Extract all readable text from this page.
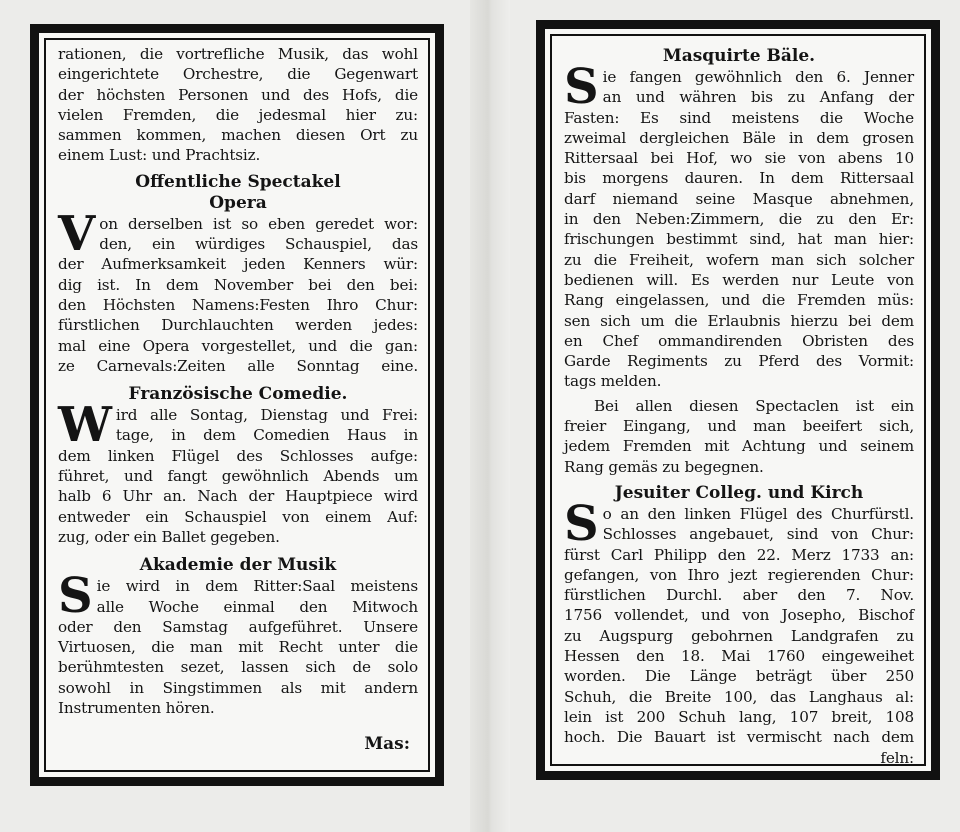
rationen, die vortrefliche Musik, das wohl
eingerichtete Orchestre, die Gegenwart
der höchsten Personen und des Hofs, die
vielen Fremden, die jedesmal hier zu:
sammen kommen, machen diesen Ort zu
einem Lust: und Prachtsiz.
Offentliche Spectakel
Opera
V on derselben ist so eben geredet wor:
den, ein würdiges Schauspiel, das
der Aufmerksamkeit jeden Kenners wür:
dig ist. In dem November bei den bei:
den Höchsten Namens:Festen Ihro Chur:
fürstlichen Durchlauchten werden jedes:
mal eine Opera vorgestellet, und die gan:
ze Carnevals:Zeiten alle Sonntag eine.
Französische Comedie.
W ird alle Sontag, Dienstag und Frei:
tage, in dem Comedien Haus in
dem linken Flügel des Schlosses aufge:
führet, und fangt gewöhnlich Abends um
halb 6 Uhr an. Nach der Hauptpiece wird
entweder ein Schauspiel von einem Auf:
zug, oder ein Ballet gegeben.
Akademie der Musik
S ie wird in dem Ritter:Saal meistens
alle Woche einmal den Mitwoch
oder den Samstag aufgeführet. Unsere
Virtuosen, die man mit Recht unter die
berühmtesten sezet, lassen sich de solo
sowohl in Singstimmen als mit andern
Instrumenten hören.
Mas:
Masquirte Bäle.
S ie fangen gewöhnlich den 6. Jenner
an und währen bis zu Anfang der
Fasten: Es sind meistens die Woche
zweimal dergleichen Bäle in dem grosen
Rittersaal bei Hof, wo sie von abens 10
bis morgens dauren. In dem Rittersaal
darf niemand seine Masque abnehmen,
in den Neben:Zimmern, die zu den Er:
frischungen bestimmt sind, hat man hier:
zu die Freiheit, wofern man sich solcher
bedienen will. Es werden nur Leute von
Rang eingelassen, und die Fremden müs:
sen sich um die Erlaubnis hierzu bei dem
en Chef ommandirenden Obristen des
Garde Regiments zu Pferd des Vormit:
tags melden.
Bei allen diesen Spectaclen ist ein
freier Eingang, und man beeifert sich,
jedem Fremden mit Achtung und seinem
Rang gemäs zu begegnen.
Jesuiter Colleg. und Kirch
S o an den linken Flügel des Churfürstl.
Schlosses angebauet, sind von Chur:
fürst Carl Philipp den 22. Merz 1733 an:
gefangen, von Ihro jezt regierenden Chur:
fürstlichen Durchl. aber den 7. Nov.
1756 vollendet, und von Josepho, Bischof
zu Augspurg gebohrnen Landgrafen zu
Hessen den 18. Mai 1760 eingeweihet
worden. Die Länge beträgt über 250
Schuh, die Breite 100, das Langhaus al:
lein ist 200 Schuh lang, 107 breit, 108
hoch. Die Bauart ist vermischt nach dem
feln:
